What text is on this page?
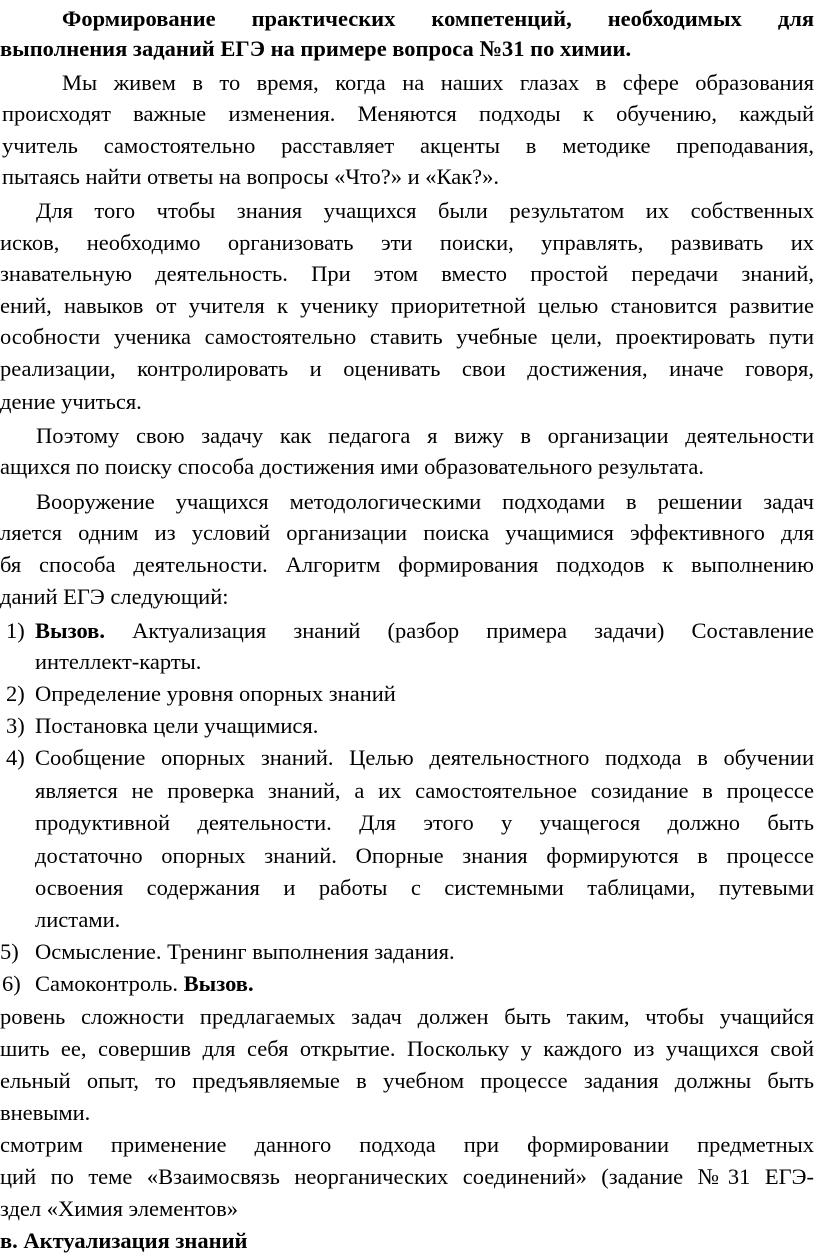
Формирование практических компетенций, необходимых для
выполнения заданий ЕГЭ на примере вопроса №31 по химии.
Мы живем в то время, когда на наших глазах в сфере образования
происходят важные изменения. Меняются подходы к обучению, каждый
учитель самостоятельно расставляет акценты в методике преподавания,
пытаясь найти ответы на вопросы «Что?» и «Как?».
Для того чтобы знания учащихся были результатом их собственных
исков, необходимо организовать эти поиски, управлять, развивать их
знавательную деятельность. При этом вместо простой передачи знаний,
ений, навыков от учителя к ученику приоритетной целью становится развитие
особности ученика самостоятельно ставить учебные цели, проектировать пути
реализации, контролировать и оценивать свои достижения, иначе говоря,
дение учиться.
Поэтому свою задачу как педагога я вижу в организации деятельности
ащихся по поиску способа достижения ими образовательного результата.
Вооружение учащихся методологическими подходами в решении задач
ляется одним из условий организации поиска учащимися эффективного для
бя способа деятельности. Алгоритм формирования подходов к выполнению
даний ЕГЭ следующий:
1) Вызов. Актуализация знаний (разбор примера задачи) Составление
интеллект-карты.
2) Определение уровня опорных знаний
3) Постановка цели учащимися.
4) Сообщение опорных знаний. Целью деятельностного подхода в обучении
является не проверка знаний, а их самостоятельное созидание в процессе
продуктивной деятельности. Для этого у учащегося должно быть
достаточно опорных знаний. Опорные знания формируются в процессе
освоения содержания и работы с системными таблицами, путевыми
листами.
5) Осмысление. Тренинг выполнения задания.
6) Самоконтроль. Вызов.
ровень сложности предлагаемых задач должен быть таким, чтобы учащийся
шить ее, совершив для себя открытие. Поскольку у каждого из учащихся свой
ельный опыт, то предъявляемые в учебном процессе задания должны быть
вневыми.
смотрим применение данного подхода при формировании предметных
ций по теме «Взаимосвязь неорганических соединений» (задание №31 ЕГЭ-
здел «Химия элементов»
в. Актуализация знаний
